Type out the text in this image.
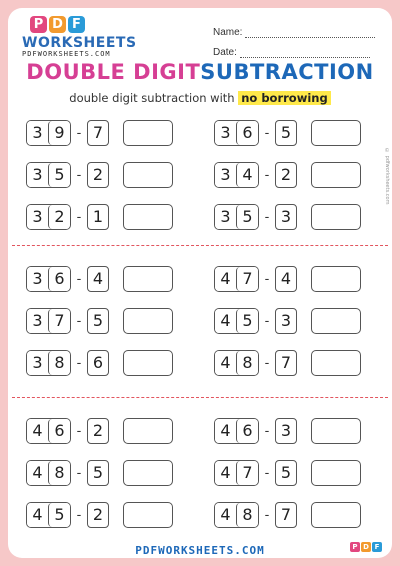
P D F
WORKSHEETS
PDFWORKSHEETS.COM
Name:
Date:
DOUBLE DIGITSUBTRACTION
double digit subtraction with no borrowing
© pdfworksheets.com
3 9 - 7	3 6 - 5
3 5 - 2	3 4 - 2
3 2 - 1	3 5 - 3
3 6 - 4	4 7 - 4
3 7 - 5	4 5 - 3
3 8 - 6	4 8 - 7
4 6 - 2	4 6 - 3
4 8 - 5	4 7 - 5
4 5 - 2	4 8 - 7
PDFWORKSHEETS.COM	P D F
